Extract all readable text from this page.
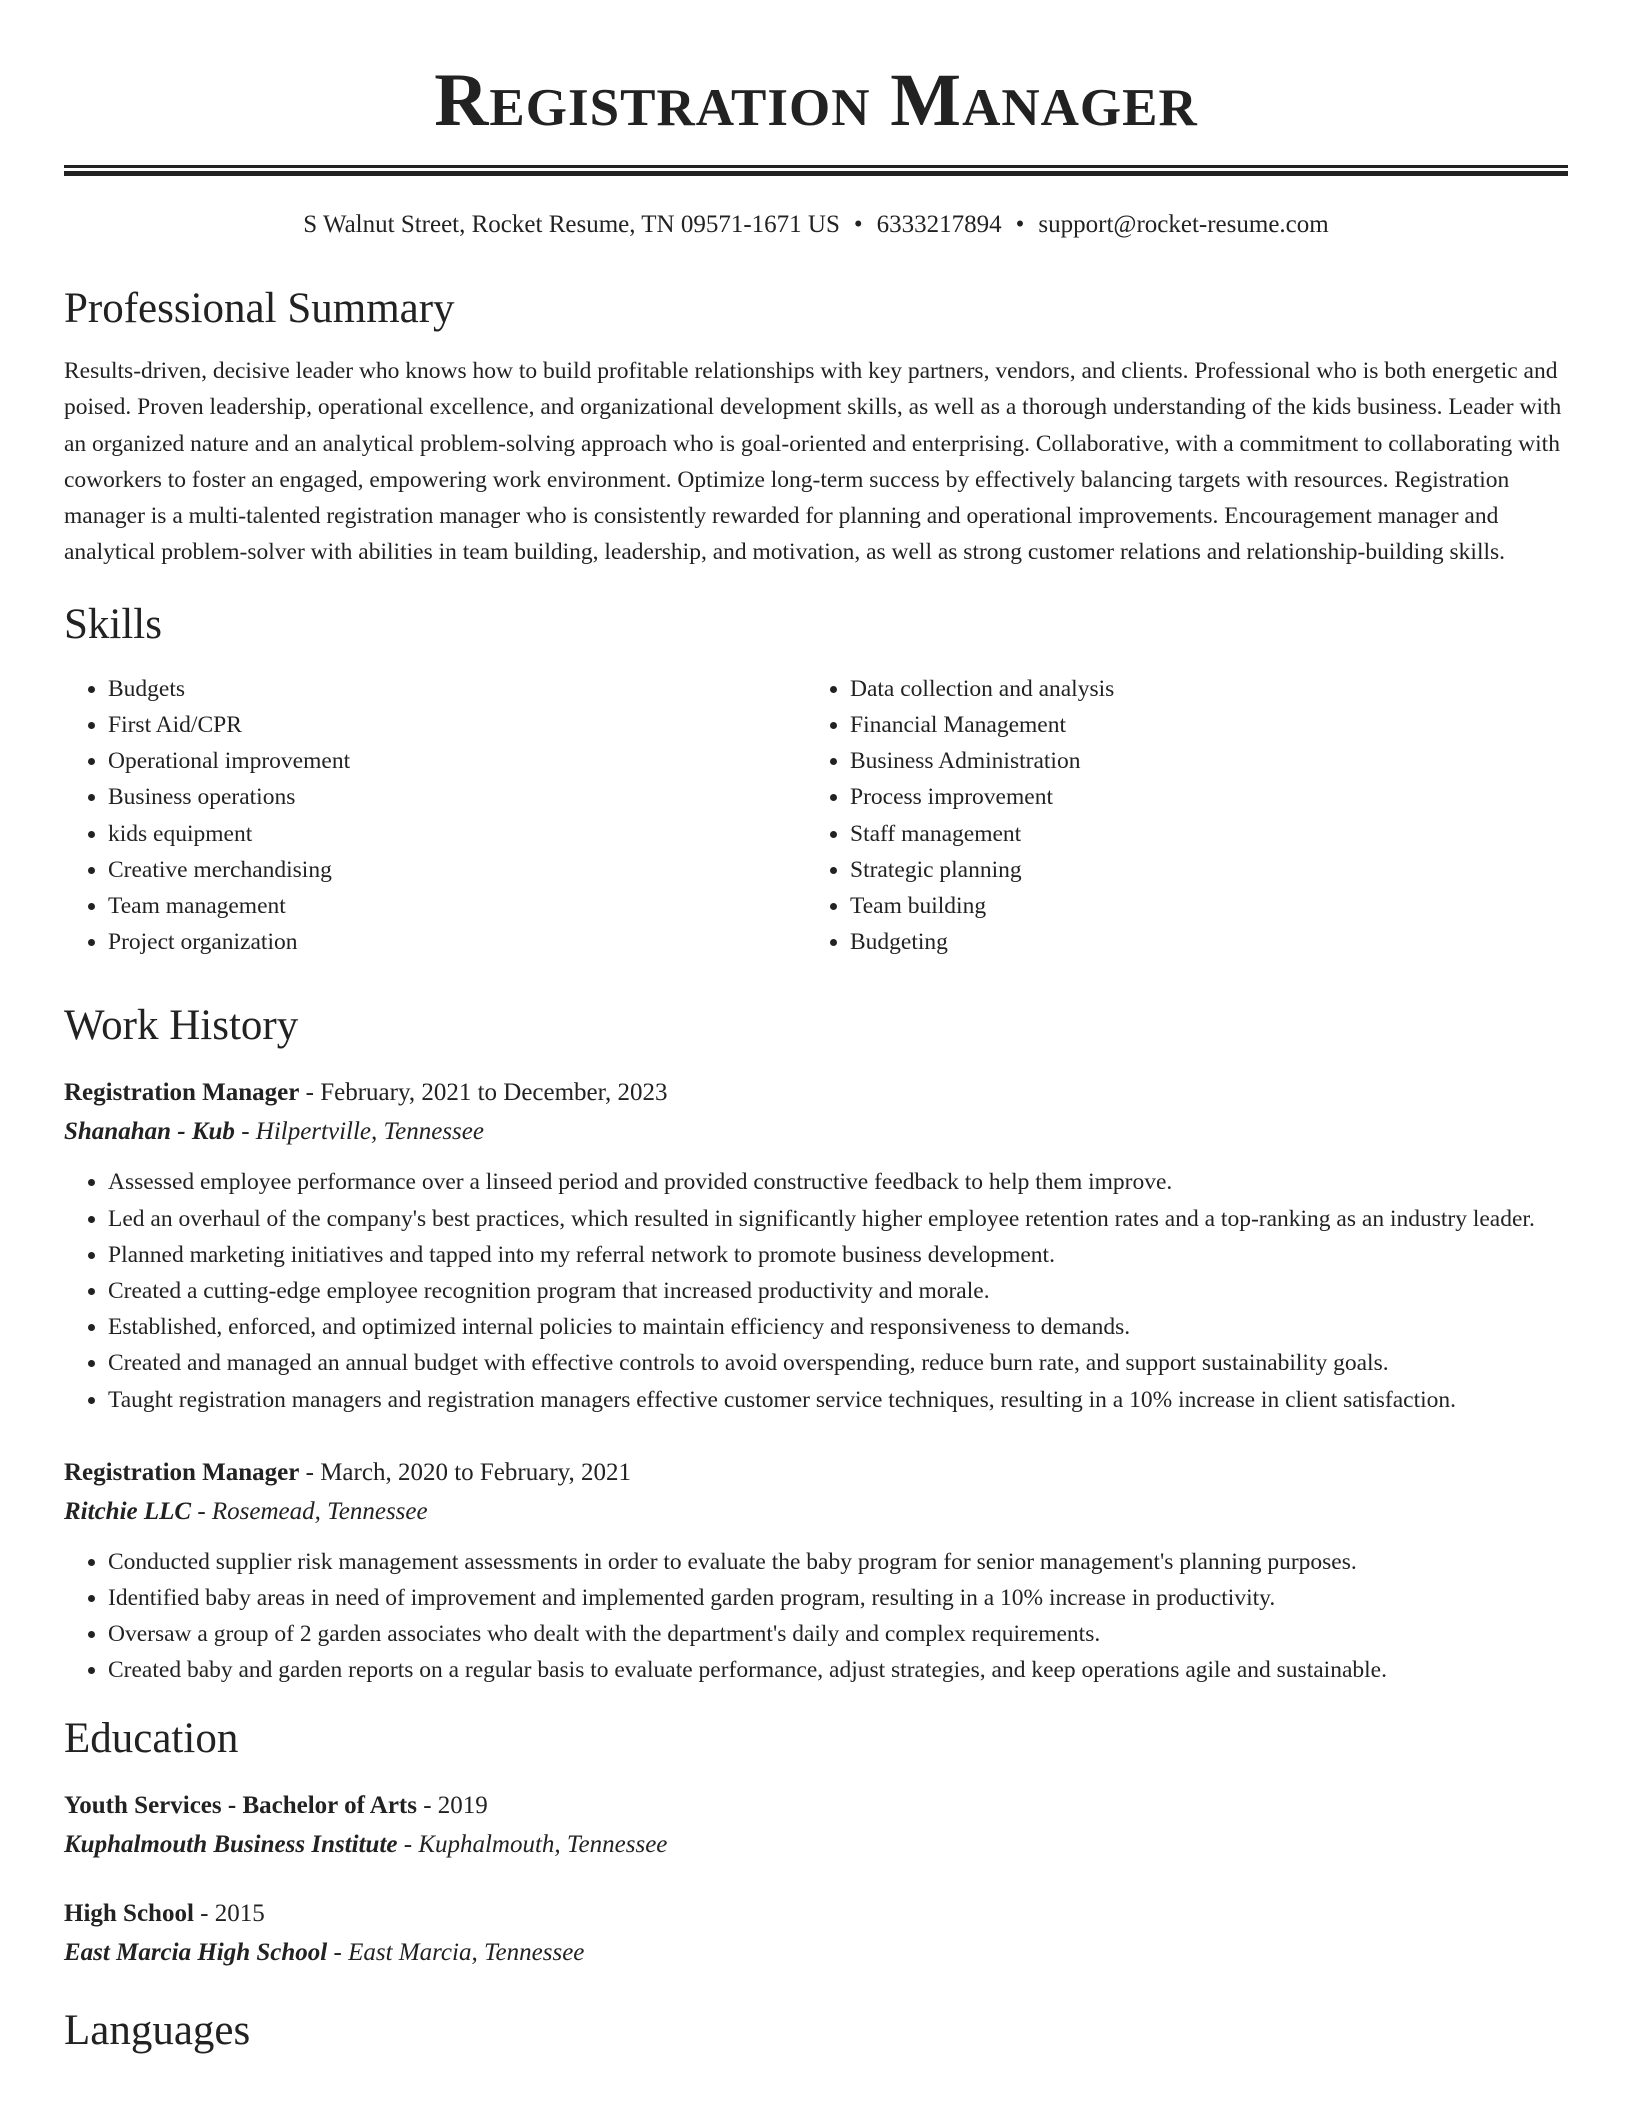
Registration Manager
S Walnut Street, Rocket Resume, TN 09571-1671 US • 6333217894 • support@rocket-resume.com
Professional Summary
Results-driven, decisive leader who knows how to build profitable relationships with key partners, vendors, and clients. Professional who is both energetic and poised. Proven leadership, operational excellence, and organizational development skills, as well as a thorough understanding of the kids business. Leader with an organized nature and an analytical problem-solving approach who is goal-oriented and enterprising. Collaborative, with a commitment to collaborating with coworkers to foster an engaged, empowering work environment. Optimize long-term success by effectively balancing targets with resources. Registration manager is a multi-talented registration manager who is consistently rewarded for planning and operational improvements. Encouragement manager and analytical problem-solver with abilities in team building, leadership, and motivation, as well as strong customer relations and relationship-building skills.
Skills
• Budgets
• First Aid/CPR
• Operational improvement
• Business operations
• kids equipment
• Creative merchandising
• Team management
• Project organization
• Data collection and analysis
• Financial Management
• Business Administration
• Process improvement
• Staff management
• Strategic planning
• Team building
• Budgeting
Work History
Registration Manager - February, 2021 to December, 2023
Shanahan - Kub - Hilpertville, Tennessee
• Assessed employee performance over a linseed period and provided constructive feedback to help them improve.
• Led an overhaul of the company's best practices, which resulted in significantly higher employee retention rates and a top-ranking as an industry leader.
• Planned marketing initiatives and tapped into my referral network to promote business development.
• Created a cutting-edge employee recognition program that increased productivity and morale.
• Established, enforced, and optimized internal policies to maintain efficiency and responsiveness to demands.
• Created and managed an annual budget with effective controls to avoid overspending, reduce burn rate, and support sustainability goals.
• Taught registration managers and registration managers effective customer service techniques, resulting in a 10% increase in client satisfaction.
Registration Manager - March, 2020 to February, 2021
Ritchie LLC - Rosemead, Tennessee
• Conducted supplier risk management assessments in order to evaluate the baby program for senior management's planning purposes.
• Identified baby areas in need of improvement and implemented garden program, resulting in a 10% increase in productivity.
• Oversaw a group of 2 garden associates who dealt with the department's daily and complex requirements.
• Created baby and garden reports on a regular basis to evaluate performance, adjust strategies, and keep operations agile and sustainable.
Education
Youth Services - Bachelor of Arts - 2019
Kuphalmouth Business Institute - Kuphalmouth, Tennessee
High School - 2015
East Marcia High School - East Marcia, Tennessee
Languages
